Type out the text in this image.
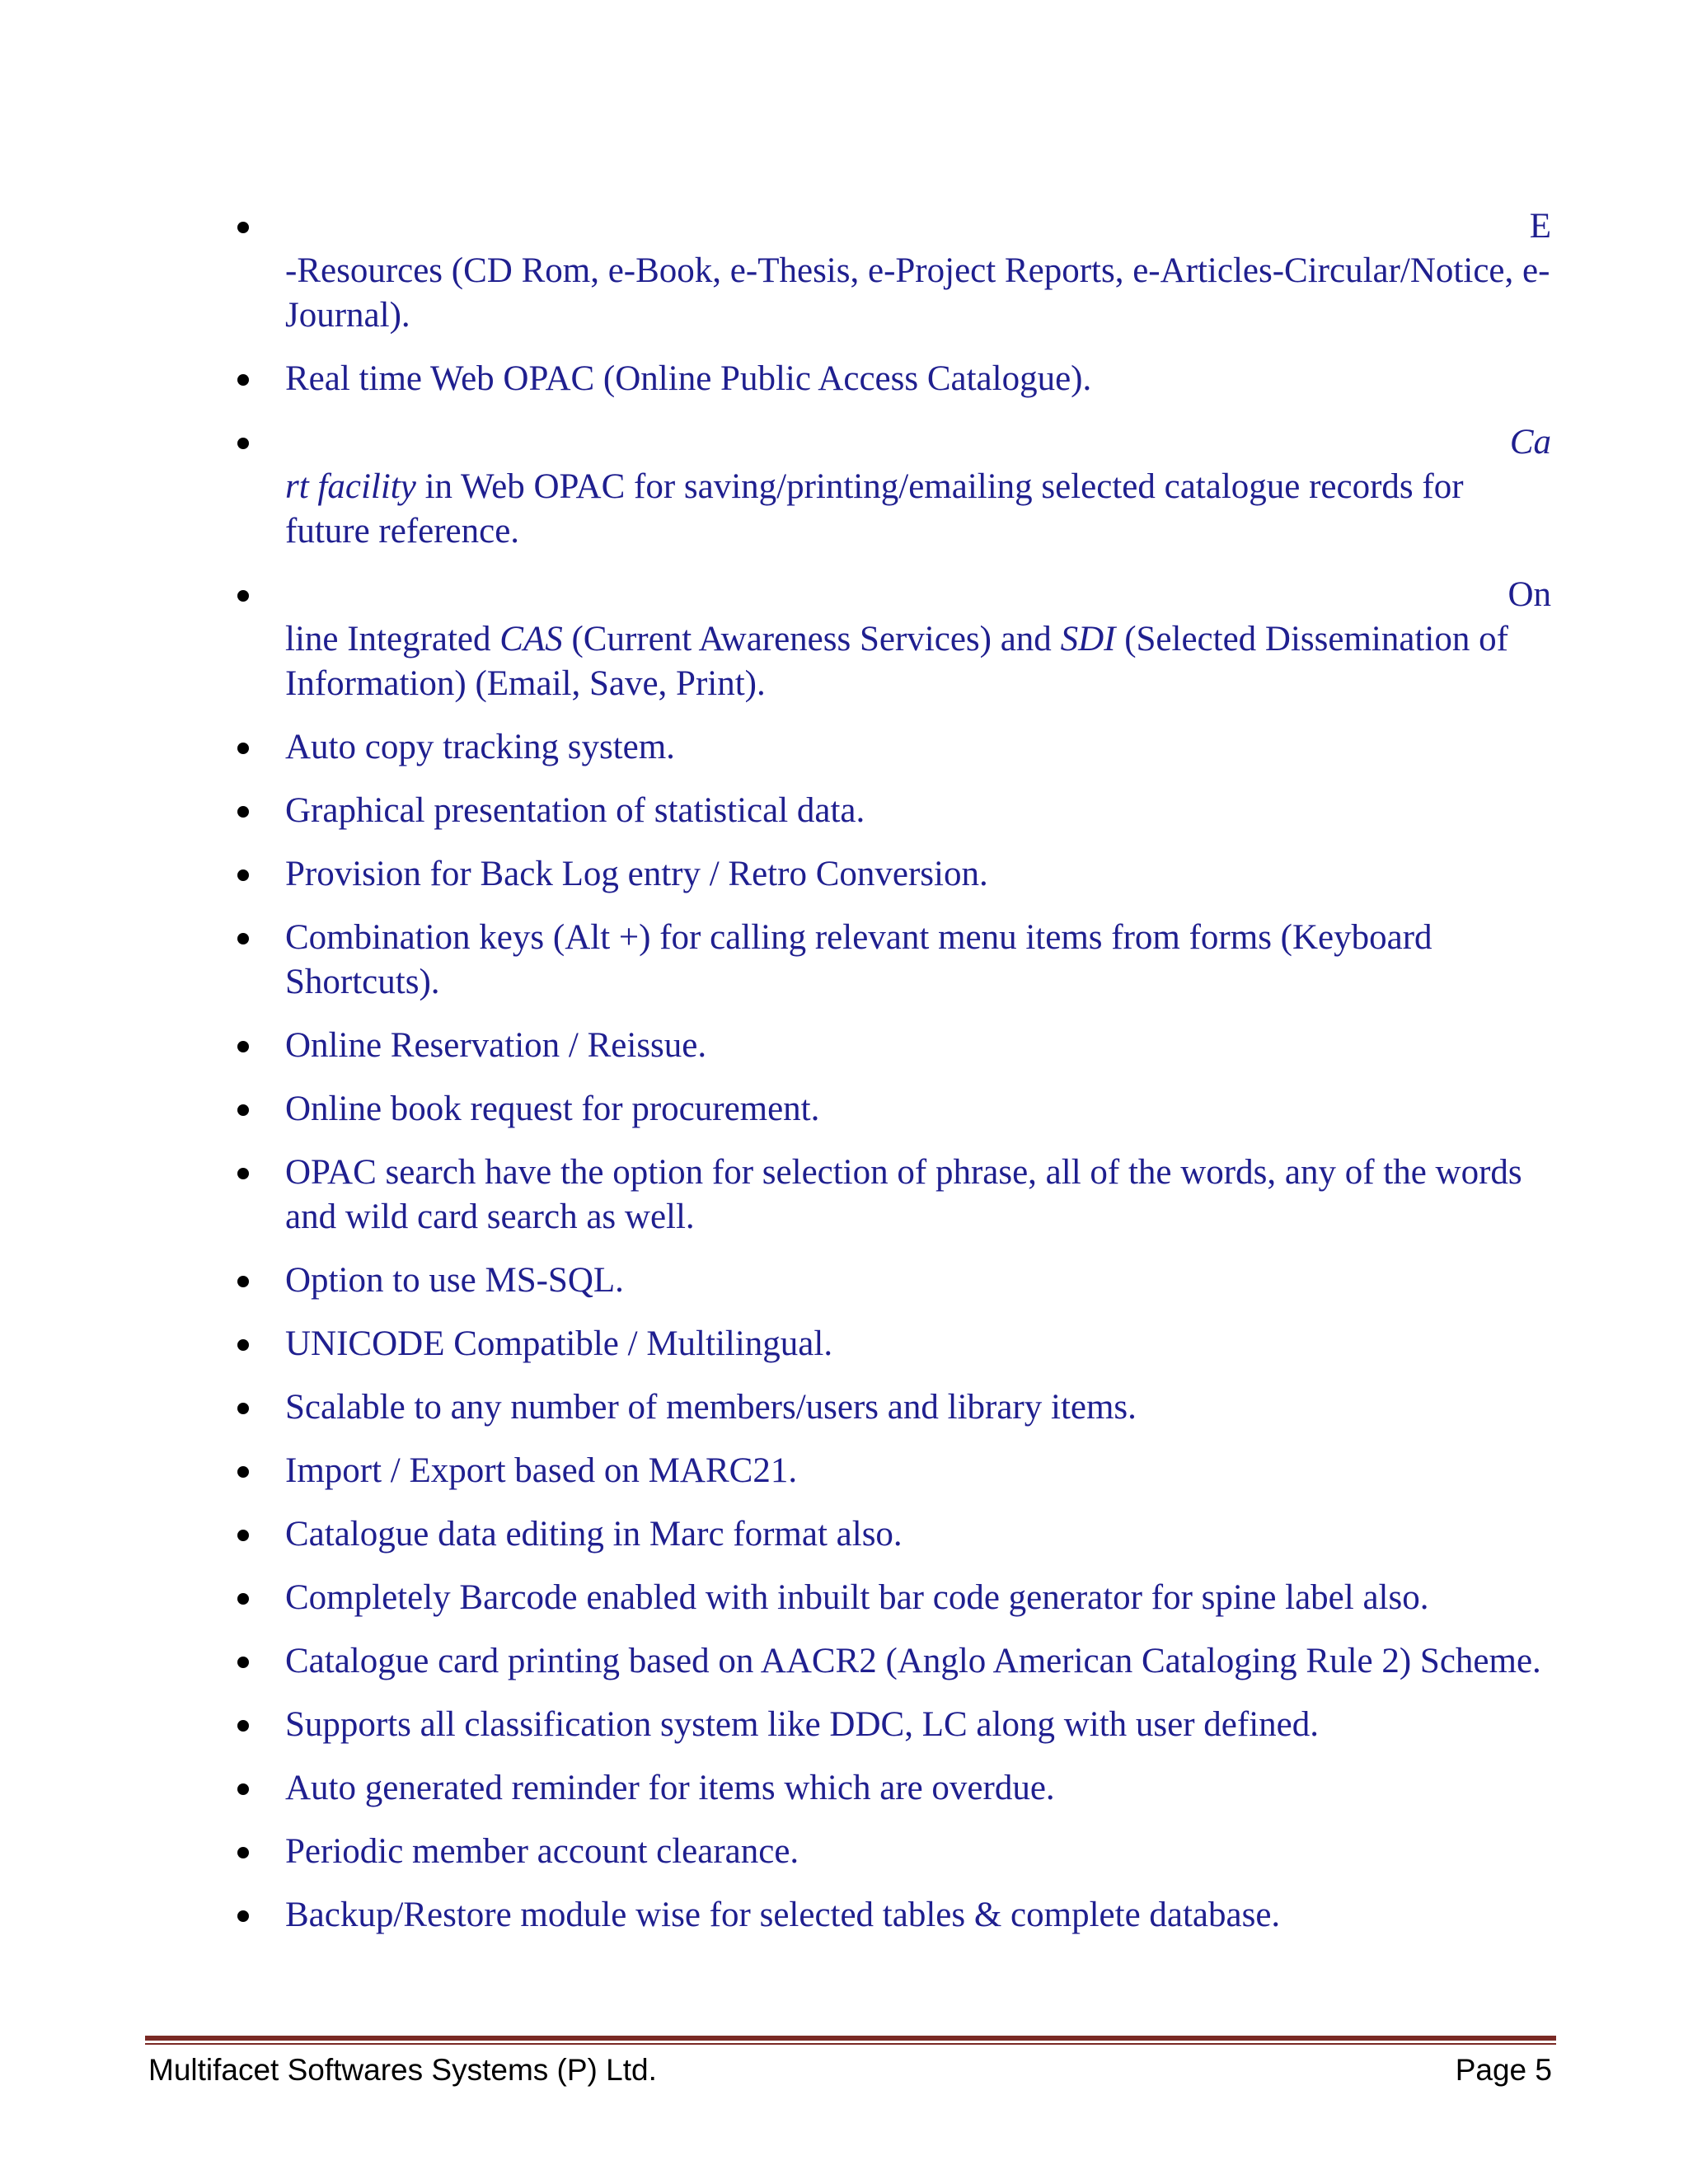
E
-Resources (CD Rom, e-Book, e-Thesis, e-Project Reports, e-Articles-Circular/Notice, e-Journal).
Real time Web OPAC (Online Public Access Catalogue).
Ca
rt facility in Web OPAC for saving/printing/emailing selected catalogue records for future reference.
On
line Integrated CAS (Current Awareness Services) and SDI (Selected Dissemination of Information) (Email, Save, Print).
Auto copy tracking system.
Graphical presentation of statistical data.
Provision for Back Log entry / Retro Conversion.
Combination keys (Alt +) for calling relevant menu items from forms (Keyboard Shortcuts).
Online Reservation / Reissue.
Online book request for procurement.
OPAC search have the option for selection of phrase, all of the words, any of the words and wild card search as well.
Option to use MS-SQL.
UNICODE Compatible / Multilingual.
Scalable to any number of members/users and library items.
Import / Export based on MARC21.
Catalogue data editing in Marc format also.
Completely Barcode enabled with inbuilt bar code generator for spine label also.
Catalogue card printing based on AACR2 (Anglo American Cataloging Rule 2) Scheme.
Supports all classification system like DDC, LC along with user defined.
Auto generated reminder for items which are overdue.
Periodic member account clearance.
Backup/Restore module wise for selected tables & complete database.
Multifacet Softwares Systems (P) Ltd.	Page 5
